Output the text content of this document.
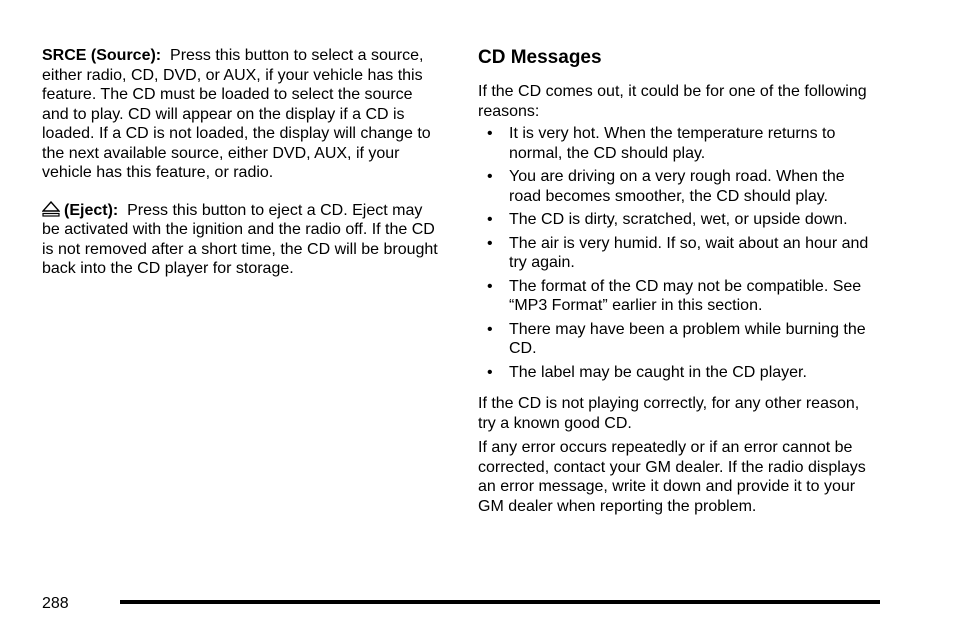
SRCE (Source): Press this button to select a source, either radio, CD, DVD, or AUX, if your vehicle has this feature. The CD must be loaded to select the source and to play. CD will appear on the display if a CD is loaded. If a CD is not loaded, the display will change to the next available source, either DVD, AUX, if your vehicle has this feature, or radio.

(Eject): Press this button to eject a CD. Eject may be activated with the ignition and the radio off. If the CD is not removed after a short time, the CD will be brought back into the CD player for storage.

CD Messages

If the CD comes out, it could be for one of the following reasons:

• It is very hot. When the temperature returns to normal, the CD should play.
• You are driving on a very rough road. When the road becomes smoother, the CD should play.
• The CD is dirty, scratched, wet, or upside down.
• The air is very humid. If so, wait about an hour and try again.
• The format of the CD may not be compatible. See “MP3 Format” earlier in this section.
• There may have been a problem while burning the CD.
• The label may be caught in the CD player.

If the CD is not playing correctly, for any other reason, try a known good CD.

If any error occurs repeatedly or if an error cannot be corrected, contact your GM dealer. If the radio displays an error message, write it down and provide it to your GM dealer when reporting the problem.

288
